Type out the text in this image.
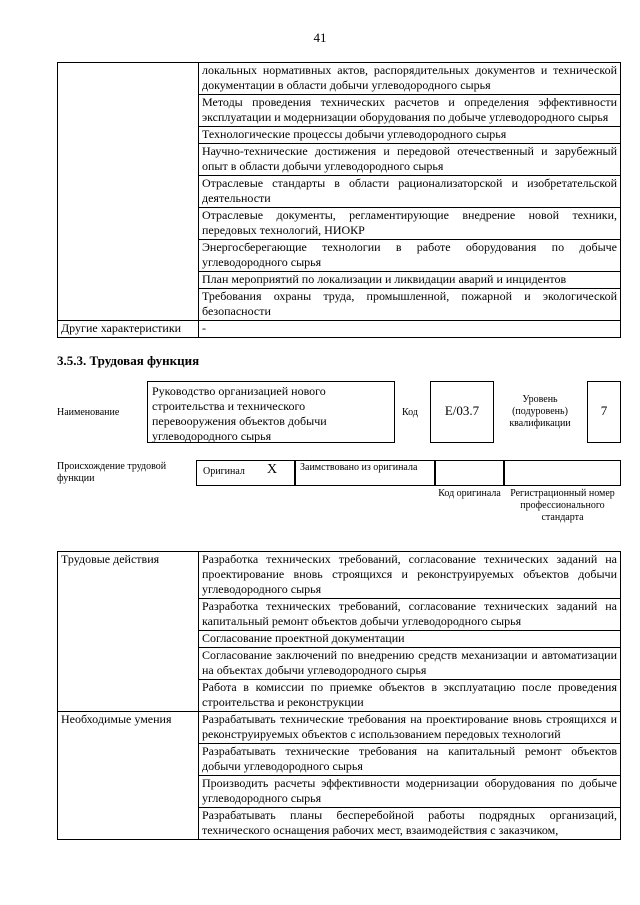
41
	локальных нормативных актов, распорядительных документов и технической документации в области добычи углеводородного сырья
	Методы проведения технических расчетов и определения эффективности эксплуатации и модернизации оборудования по добыче углеводородного сырья
	Технологические процессы добычи углеводородного сырья
	Научно-технические достижения и передовой отечественный и зарубежный опыт в области добычи углеводородного сырья
	Отраслевые стандарты в области рационализаторской и изобретательской деятельности
	Отраслевые документы, регламентирующие внедрение новой техники, передовых технологий, НИОКР
	Энергосберегающие технологии в работе оборудования по добыче углеводородного сырья
	План мероприятий по локализации и ликвидации аварий и инцидентов
	Требования охраны труда, промышленной, пожарной и экологической безопасности
Другие характеристики	-
3.5.3. Трудовая функция
Наименование
Руководство организацией нового строительства и технического перевооружения объектов добычи углеводородного сырья
Код	E/03.7
Уровень (подуровень) квалификации
7
Происхождение трудовой функции
Оригинал X	Заимствовано из оригинала
Код оригинала Регистрационный номер профессионального стандарта
Трудовые действия	Разработка технических требований, согласование технических заданий на проектирование вновь строящихся и реконструируемых объектов добычи углеводородного сырья
	Разработка технических требований, согласование технических заданий на капитальный ремонт объектов добычи углеводородного сырья
	Согласование проектной документации
	Согласование заключений по внедрению средств механизации и автоматизации на объектах добычи углеводородного сырья
	Работа в комиссии по приемке объектов в эксплуатацию после проведения строительства и реконструкции
Необходимые умения	Разрабатывать технические требования на проектирование вновь строящихся и реконструируемых объектов с использованием передовых технологий
	Разрабатывать технические требования на капитальный ремонт объектов добычи углеводородного сырья
	Производить расчеты эффективности модернизации оборудования по добыче углеводородного сырья
	Разрабатывать планы бесперебойной работы подрядных организаций, технического оснащения рабочих мест, взаимодействия с заказчиком,
